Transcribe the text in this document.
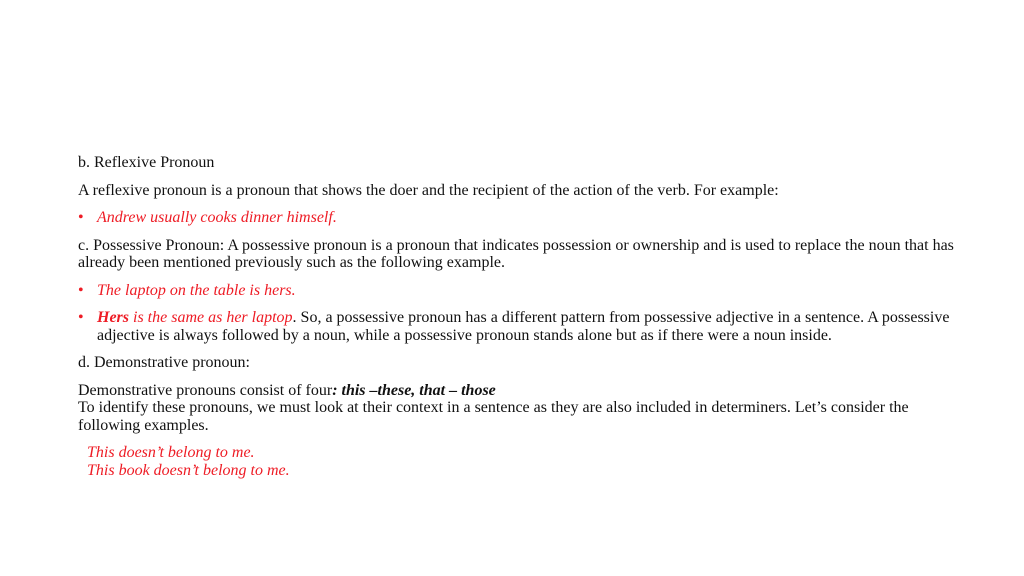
b. Reflexive Pronoun

A reflexive pronoun is a pronoun that shows the doer and the recipient of the action of the verb. For example:

• Andrew usually cooks dinner himself.

c. Possessive Pronoun: A possessive pronoun is a pronoun that indicates possession or ownership and is used to replace the noun that has already been mentioned previously such as the following example.

• The laptop on the table is hers.
• Hers is the same as her laptop. So, a possessive pronoun has a different pattern from possessive adjective in a sentence. A possessive adjective is always followed by a noun, while a possessive pronoun stands alone but as if there were a noun inside.

d. Demonstrative pronoun:

Demonstrative pronouns consist of four: this –these, that – those
To identify these pronouns, we must look at their context in a sentence as they are also included in determiners. Let’s consider the following examples.

This doesn’t belong to me.
This book doesn’t belong to me.
